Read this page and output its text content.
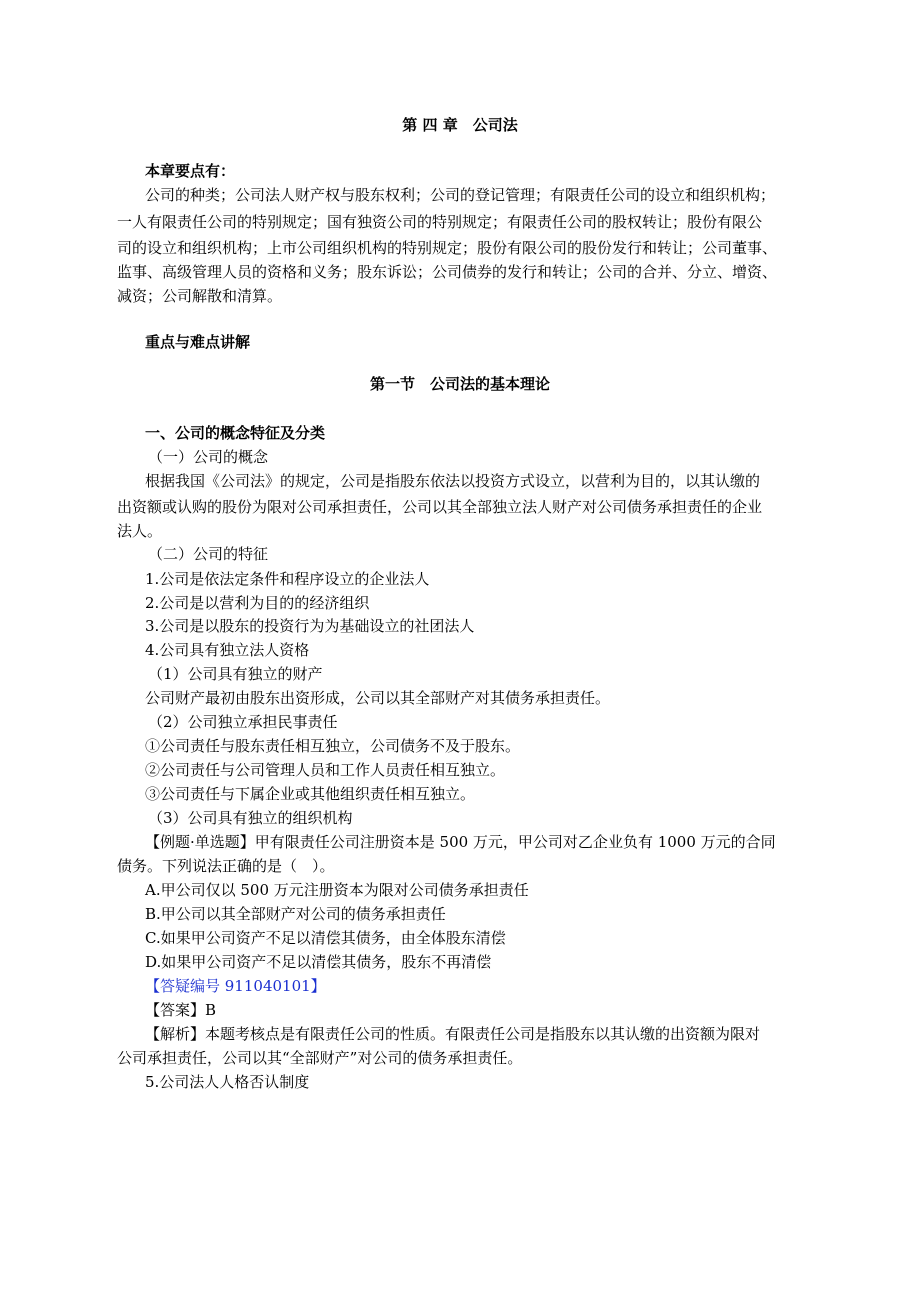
第 四 章　公司法
本章要点有：
公司的种类；公司法人财产权与股东权利；公司的登记管理；有限责任公司的设立和组织机构；
一人有限责任公司的特别规定；国有独资公司的特别规定；有限责任公司的股权转让；股份有限公
司的设立和组织机构；上市公司组织机构的特别规定；股份有限公司的股份发行和转让；公司董事、
监事、高级管理人员的资格和义务；股东诉讼；公司债券的发行和转让；公司的合并、分立、增资、
减资；公司解散和清算。
重点与难点讲解
第一节　公司法的基本理论
一、公司的概念特征及分类
（一）公司的概念
根据我国《公司法》的规定，公司是指股东依法以投资方式设立，以营利为目的，以其认缴的
出资额或认购的股份为限对公司承担责任，公司以其全部独立法人财产对公司债务承担责任的企业
法人。
（二）公司的特征
1.公司是依法定条件和程序设立的企业法人
2.公司是以营利为目的的经济组织
3.公司是以股东的投资行为为基础设立的社团法人
4.公司具有独立法人资格
（1）公司具有独立的财产
公司财产最初由股东出资形成，公司以其全部财产对其债务承担责任。
（2）公司独立承担民事责任
①公司责任与股东责任相互独立，公司债务不及于股东。
②公司责任与公司管理人员和工作人员责任相互独立。
③公司责任与下属企业或其他组织责任相互独立。
（3）公司具有独立的组织机构
【例题·单选题】甲有限责任公司注册资本是 500 万元，甲公司对乙企业负有 1000 万元的合同
债务。下列说法正确的是（　）。
A.甲公司仅以 500 万元注册资本为限对公司债务承担责任
B.甲公司以其全部财产对公司的债务承担责任
C.如果甲公司资产不足以清偿其债务，由全体股东清偿
D.如果甲公司资产不足以清偿其债务，股东不再清偿
【答疑编号 911040101】
【答案】B
【解析】本题考核点是有限责任公司的性质。有限责任公司是指股东以其认缴的出资额为限对
公司承担责任，公司以其“全部财产”对公司的债务承担责任。
5.公司法人人格否认制度
